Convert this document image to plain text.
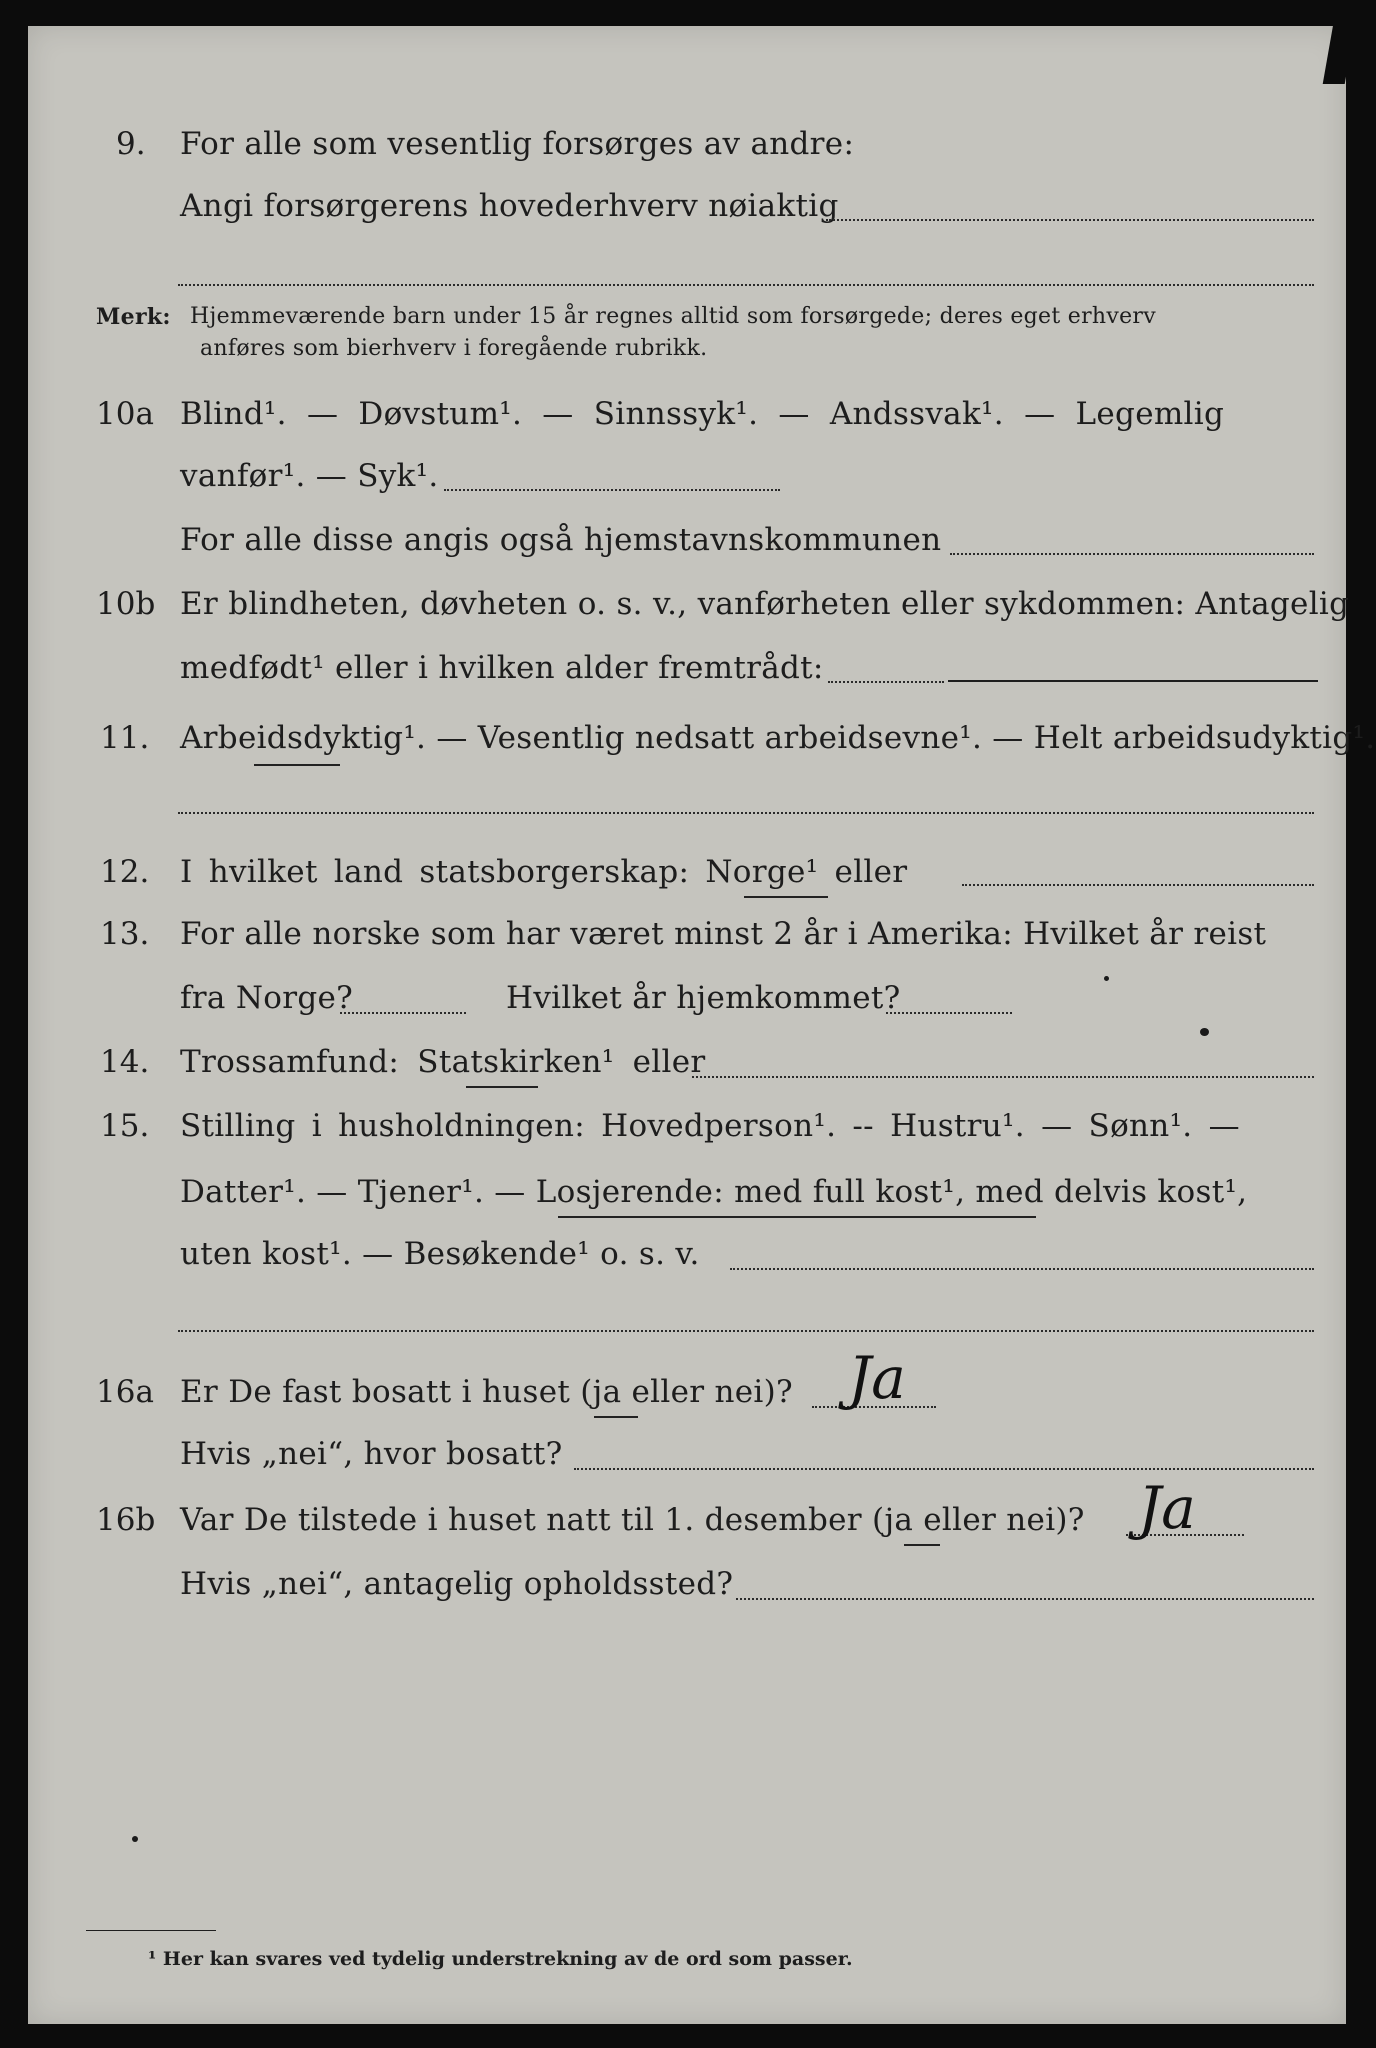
9. For alle som vesentlig forsørges av andre:
Angi forsørgerens hovederhverv nøiaktig
Merk: Hjemmeværende barn under 15 år regnes alltid som forsørgede; deres eget erhverv
anføres som bierhverv i foregående rubrikk.
10a Blind¹. — Døvstum¹. — Sinnssyk¹. — Andssvak¹. — Legemlig
vanfør¹. — Syk¹.
For alle disse angis også hjemstavnskommunen
10b Er blindheten, døvheten o. s. v., vanførheten eller sykdommen: Antagelig
medfødt¹ eller i hvilken alder fremtrådt:
11. Arbeidsdyktig¹. — Vesentlig nedsatt arbeidsevne¹. — Helt arbeidsudyktig¹.
12. I hvilket land statsborgerskap: Norge¹ eller
13. For alle norske som har været minst 2 år i Amerika: Hvilket år reist
fra Norge?	Hvilket år hjemkommet?
14. Trossamfund: Statskirken¹ eller
15. Stilling i husholdningen: Hovedperson¹. -- Hustru¹. — Sønn¹. —
Datter¹. — Tjener¹. — Losjerende: med full kost¹, med delvis kost¹,
uten kost¹. — Besøkende¹ o. s. v.
16a Er De fast bosatt i huset (ja eller nei)? Ja
Hvis „nei“, hvor bosatt?
16b Var De tilstede i huset natt til 1. desember (ja eller nei)? Ja
Hvis „nei“, antagelig opholdssted?
¹ Her kan svares ved tydelig understrekning av de ord som passer.
